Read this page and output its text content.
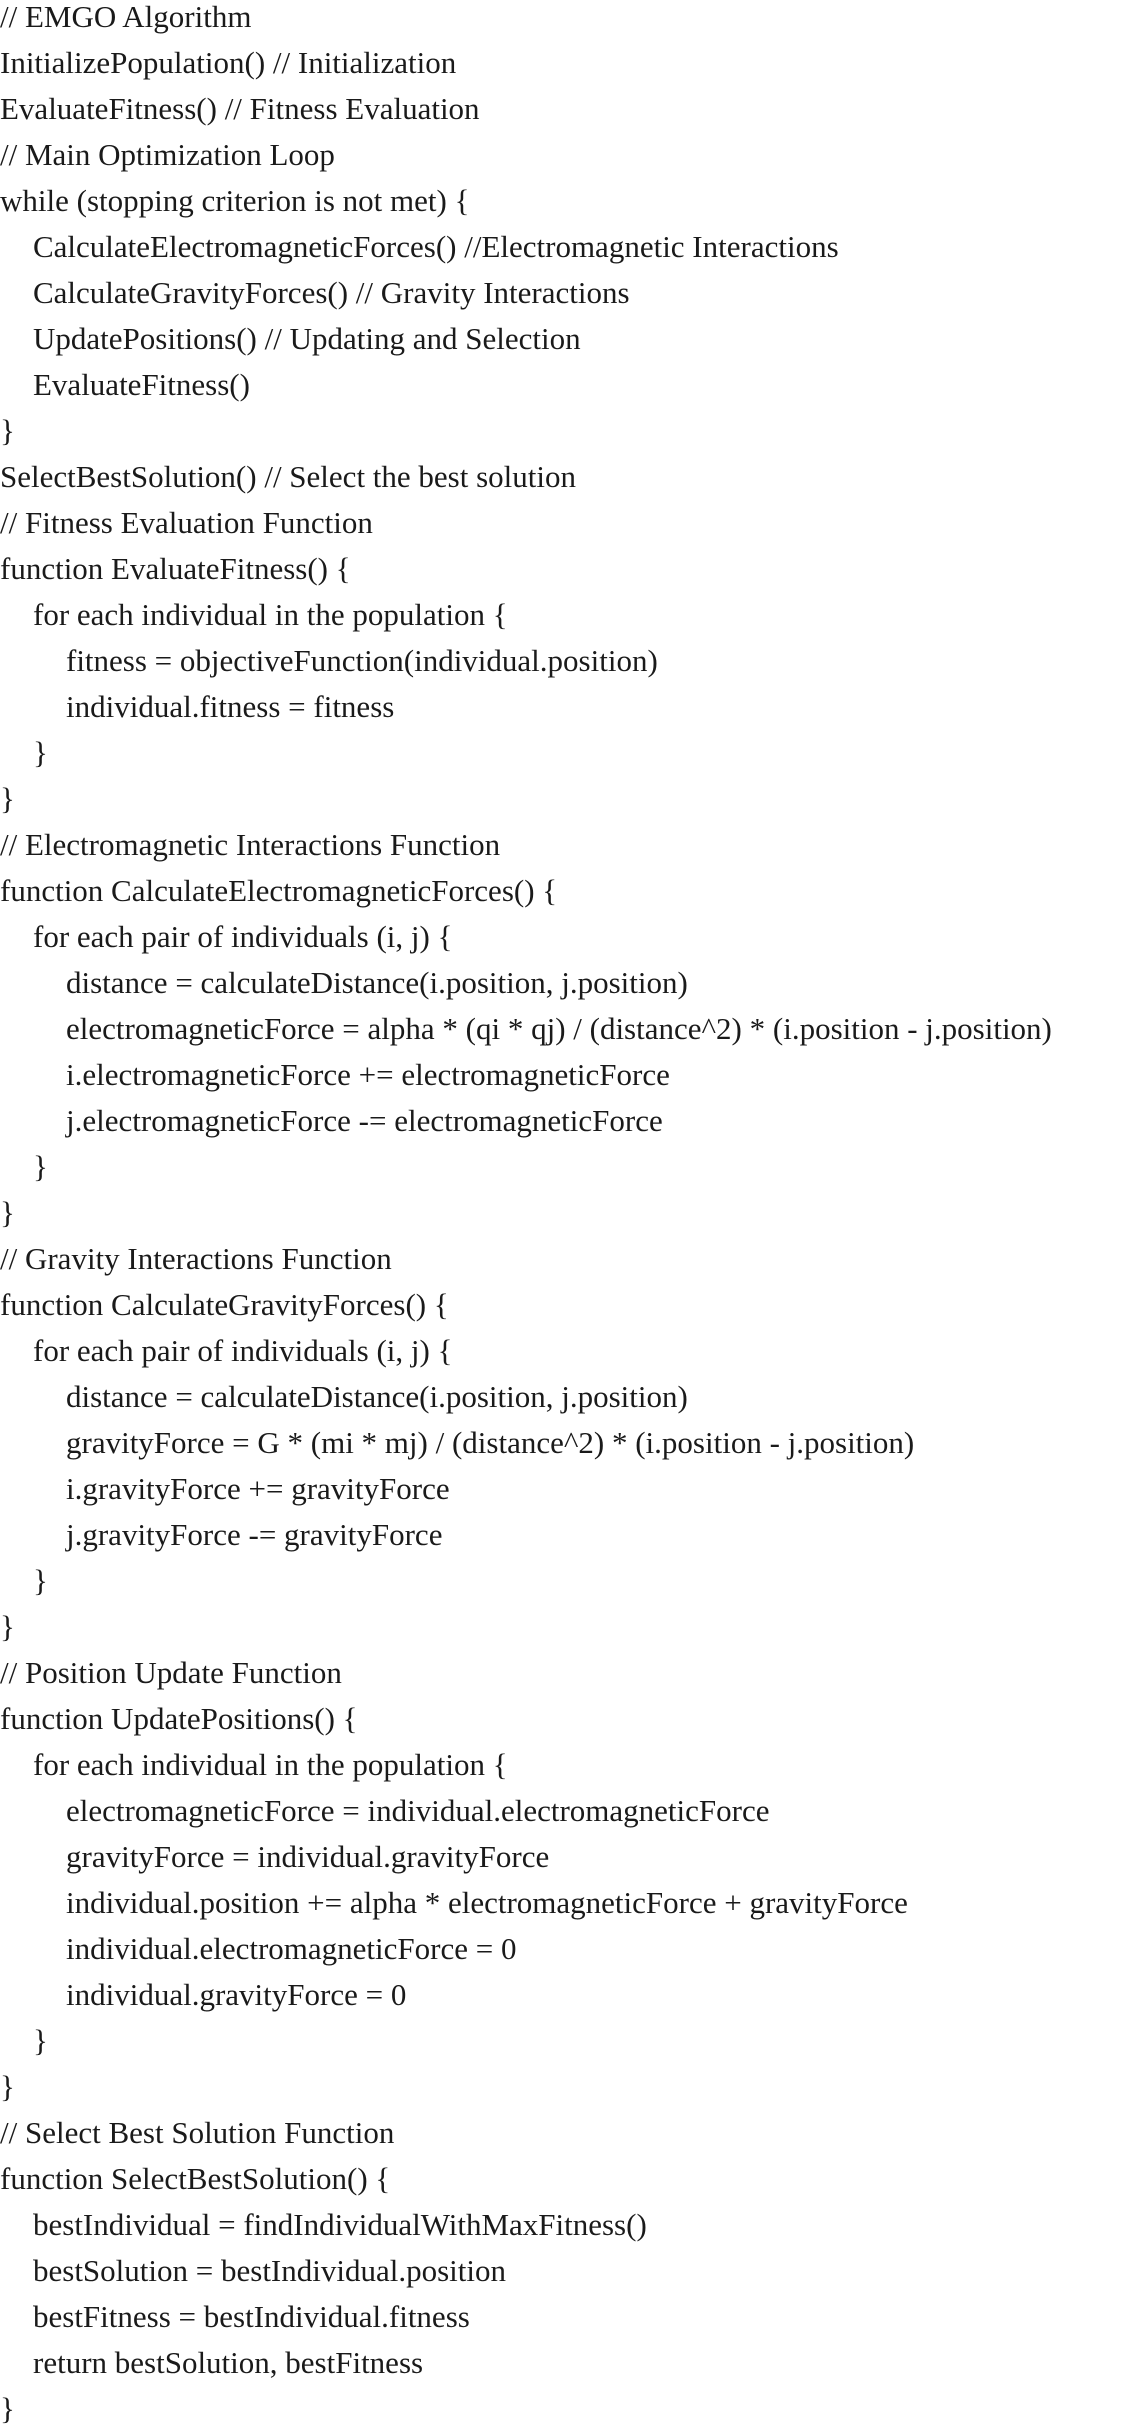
// EMGO Algorithm
InitializePopulation() // Initialization
EvaluateFitness() // Fitness Evaluation
// Main Optimization Loop
while (stopping criterion is not met) {
CalculateElectromagneticForces() //Electromagnetic Interactions
CalculateGravityForces() // Gravity Interactions
UpdatePositions() // Updating and Selection
EvaluateFitness()
}
SelectBestSolution() // Select the best solution
// Fitness Evaluation Function
function EvaluateFitness() {
for each individual in the population {
fitness = objectiveFunction(individual.position)
individual.fitness = fitness
}
}
// Electromagnetic Interactions Function
function CalculateElectromagneticForces() {
for each pair of individuals (i, j) {
distance = calculateDistance(i.position, j.position)
electromagneticForce = alpha * (qi * qj) / (distance^2) * (i.position - j.position)
i.electromagneticForce += electromagneticForce
j.electromagneticForce -= electromagneticForce
}
}
// Gravity Interactions Function
function CalculateGravityForces() {
for each pair of individuals (i, j) {
distance = calculateDistance(i.position, j.position)
gravityForce = G * (mi * mj) / (distance^2) * (i.position - j.position)
i.gravityForce += gravityForce
j.gravityForce -= gravityForce
}
}
// Position Update Function
function UpdatePositions() {
for each individual in the population {
electromagneticForce = individual.electromagneticForce
gravityForce = individual.gravityForce
individual.position += alpha * electromagneticForce + gravityForce
individual.electromagneticForce = 0
individual.gravityForce = 0
}
}
// Select Best Solution Function
function SelectBestSolution() {
bestIndividual = findIndividualWithMaxFitness()
bestSolution = bestIndividual.position
bestFitness = bestIndividual.fitness
return bestSolution, bestFitness
}
